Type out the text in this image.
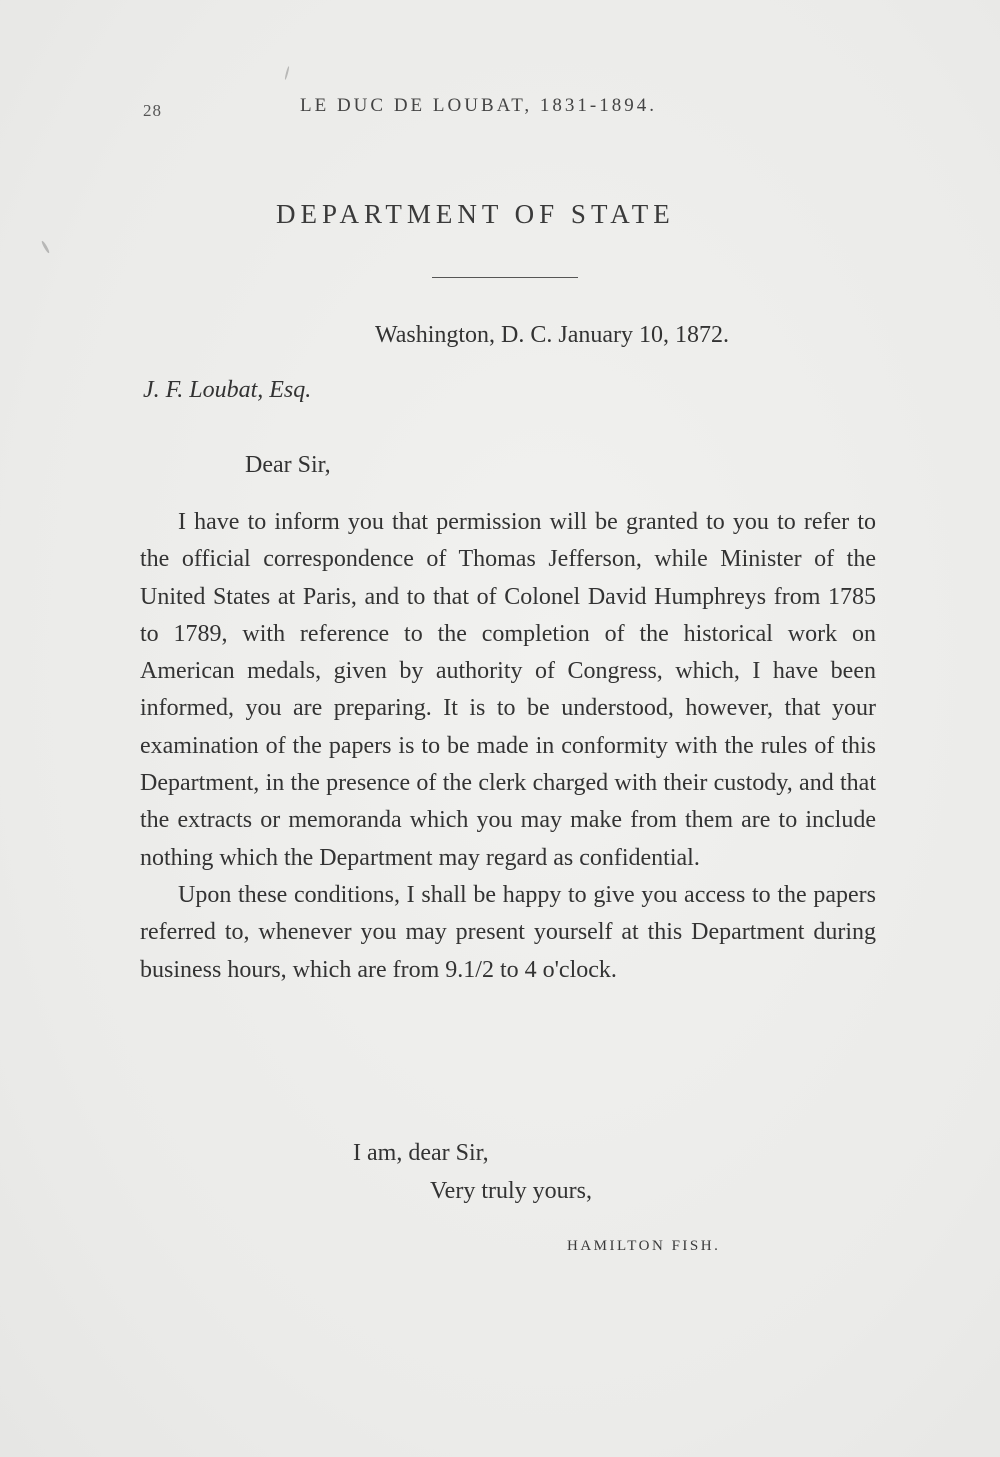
28	LE DUC DE LOUBAT, 1831-1894.
DEPARTMENT OF STATE
Washington, D. C. January 10, 1872.
J. F. Loubat, Esq.
Dear Sir,

I have to inform you that permission will be granted to you to refer to the official correspondence of Thomas Jefferson, while Minister of the United States at Paris, and to that of Colonel David Humphreys from 1785 to 1789, with reference to the completion of the historical work on American medals, given by authority of Congress, which, I have been informed, you are preparing. It is to be understood, however, that your examination of the papers is to be made in conformity with the rules of this Department, in the presence of the clerk charged with their custody, and that the extracts or memoranda which you may make from them are to include nothing which the Department may regard as confidential.

Upon these conditions, I shall be happy to give you access to the papers referred to, whenever you may present yourself at this Department during business hours, which are from 9.1/2 to 4 o'clock.

I am, dear Sir,
Very truly yours,
HAMILTON FISH.
